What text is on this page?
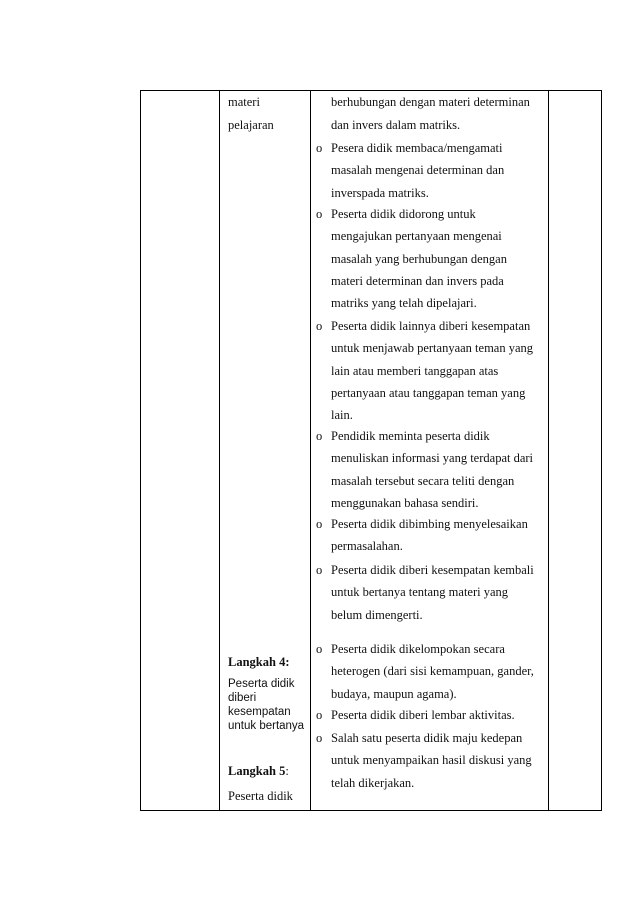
materi
pelajaran
Langkah 4:
Peserta didik
diberi
kesempatan
untuk bertanya
Langkah 5:
Peserta didik
berhubungan dengan materi determinan
dan invers dalam matriks.
o Pesera didik membaca/mengamati
masalah mengenai determinan dan
inverspada matriks.
o Peserta didik didorong untuk
mengajukan pertanyaan mengenai
masalah yang berhubungan dengan
materi determinan dan invers pada
matriks yang telah dipelajari.
o Peserta didik lainnya diberi kesempatan
untuk menjawab pertanyaan teman yang
lain atau memberi tanggapan atas
pertanyaan atau tanggapan teman yang
lain.
o Pendidik meminta peserta didik
menuliskan informasi yang terdapat dari
masalah tersebut secara teliti dengan
menggunakan bahasa sendiri.
o Peserta didik dibimbing menyelesaikan
permasalahan.
o Peserta didik diberi kesempatan kembali
untuk bertanya tentang materi yang
belum dimengerti.
o Peserta didik dikelompokan secara
heterogen (dari sisi kemampuan, gander,
budaya, maupun agama).
o Peserta didik diberi lembar aktivitas.
o Salah satu peserta didik maju kedepan
untuk menyampaikan hasil diskusi yang
telah dikerjakan.
